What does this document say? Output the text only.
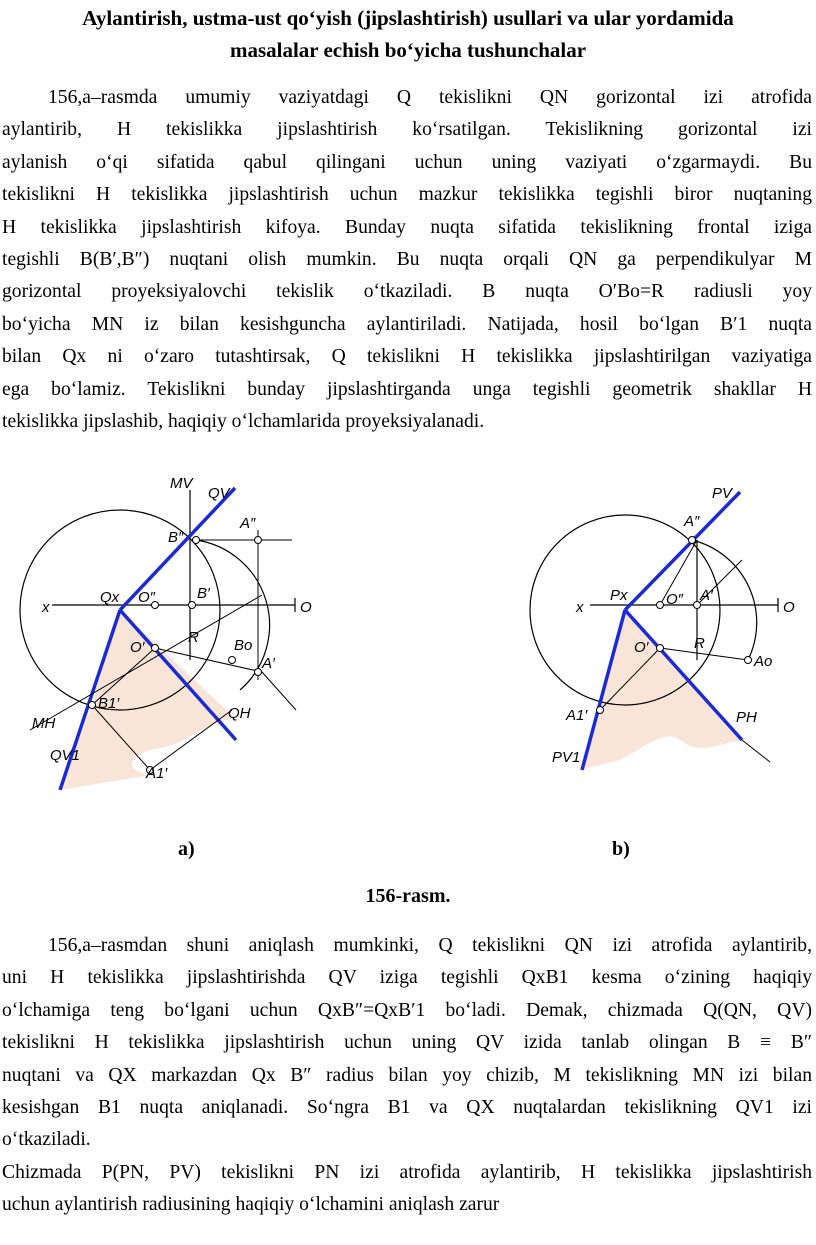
Aylantirish, ustma-ust qo‘yish (jipslashtirish) usullari va ular yordamida
masalalar echish bo‘yicha tushunchalar
156,a–rasmda umumiy vaziyatdagi Q tekislikni QN gorizontal izi atrofida
aylantirib, H tekislikka jipslashtirish ko‘rsatilgan. Tekislikning gorizontal izi
aylanish o‘qi sifatida qabul qilingani uchun uning vaziyati o‘zgarmaydi. Bu
tekislikni H tekislikka jipslashtirish uchun mazkur tekislikka tegishli biror nuqtaning
H tekislikka jipslashtirish kifoya. Bunday nuqta sifatida tekislikning frontal iziga
tegishli B(B′,B″) nuqtani olish mumkin. Bu nuqta orqali QN ga perpendikulyar M
gorizontal proyeksiyalovchi tekislik o‘tkaziladi. B nuqta O′Bo=R radiusli yoy
bo‘yicha MN iz bilan kesishguncha aylantiriladi. Natijada, hosil bo‘lgan B′1 nuqta
bilan Qx ni o‘zaro tutashtirsak, Q tekislikni H tekislikka jipslashtirilgan vaziyatiga
ega bo‘lamiz. Tekislikni bunday jipslashtirganda unga tegishli geometrik shakllar H
tekislikka jipslashib, haqiqiy o‘lchamlarida proyeksiyalanadi.
MV
QV
A″
B″
x
Qx O″	B′
O
O′
R Bo
A′
B1′
MH
QH
QV1
A1′
PV
A″
x
Px	O″ A′
O
O′	R
Ao
A1′	PH
PV1
a)	b)
156-rasm.
156,a–rasmdan shuni aniqlash mumkinki, Q tekislikni QN izi atrofida aylantirib,
uni H tekislikka jipslashtirishda QV iziga tegishli QxB1 kesma o‘zining haqiqiy
o‘lchamiga teng bo‘lgani uchun QxB″=QxB′1 bo‘ladi. Demak, chizmada Q(QN, QV)
tekislikni H tekislikka jipslashtirish uchun uning QV izida tanlab olingan B ≡ B″
nuqtani va QX markazdan Qx B″ radius bilan yoy chizib, M tekislikning MN izi bilan
kesishgan B1 nuqta aniqlanadi. So‘ngra B1 va QX nuqtalardan tekislikning QV1 izi
o‘tkaziladi.
Chizmada P(PN, PV) tekislikni PN izi atrofida aylantirib, H tekislikka jipslashtirish
uchun aylantirish radiusining haqiqiy o‘lchamini aniqlash zarur
